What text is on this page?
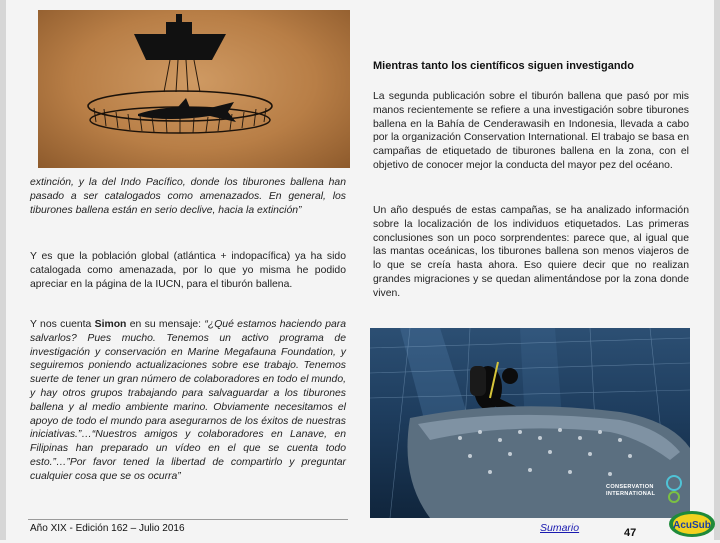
Mientras tanto los científicos siguen investigando
extinción, y la del Indo Pacífico, donde los tiburones ballena han pasado a ser catalogados como amenazados. En general, los tiburones ballena están en serio declive, hacia la extinción”
Y es que la población global (atlántica + indopacífica) ya ha sido catalogada como amenazada, por lo que yo misma he podido apreciar en la página de la IUCN, para el tiburón ballena.
Y nos cuenta Simon en su mensaje: “¿Qué estamos haciendo para salvarlos? Pues mucho. Tenemos un activo programa de investigación y conservación en Marine Megafauna Foundation, y seguiremos poniendo actualizaciones sobre ese trabajo. Tenemos suerte de tener un gran número de colaboradores en todo el mundo, y hay otros grupos trabajando para salvaguardar a los tiburones ballena y al medio ambiente marino. Obviamente necesitamos el apoyo de todo el mundo para asegurarnos de los éxitos de nuestras iniciativas.”…“Nuestros amigos y colaboradores en Lanave, en Filipinas han preparado un vídeo en el que se cuenta todo esto.”…”Por favor tened la libertad de compartirlo y preguntar cualquier cosa que se os ocurra”
La segunda publicación sobre el tiburón ballena que pasó por mis manos recientemente se refiere a una investigación sobre tiburones ballena en la Bahía de Cenderawasih en Indonesia, llevada a cabo por la organización Conservation International. El trabajo se basa en campañas de etiquetado de tiburones ballena en la zona, con el objetivo de conocer mejor la conducta del mayor pez del océano.
Un año después de estas campañas, se ha analizado información sobre la localización de los individuos etiquetados. Las primeras conclusiones son un poco sorprendentes: parece que, al igual que las mantas oceánicas, los tiburones ballena son menos viajeros de lo que se creía hasta ahora. Eso quiere decir que no realizan grandes migraciones y se quedan alimentándose por la zona donde viven.
CONSERVATION
INTERNATIONAL
Año XIX - Edición 162 – Julio 2016	Sumario	47
AcuSub
